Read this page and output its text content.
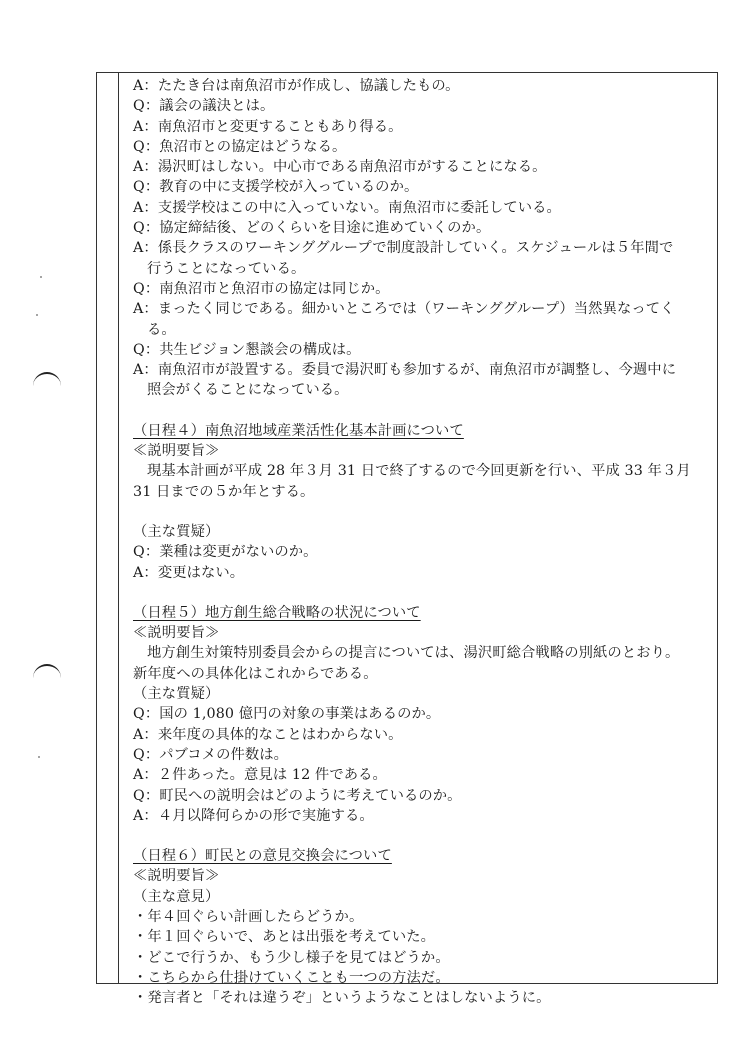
A：たたき台は南魚沼市が作成し、協議したもの。
Q：議会の議決とは。
A：南魚沼市と変更することもあり得る。
Q：魚沼市との協定はどうなる。
A：湯沢町はしない。中心市である南魚沼市がすることになる。
Q：教育の中に支援学校が入っているのか。
A：支援学校はこの中に入っていない。南魚沼市に委託している。
Q：協定締結後、どのくらいを目途に進めていくのか。
A：係長クラスのワーキンググループで制度設計していく。スケジュールは５年間で
行うことになっている。
Q：南魚沼市と魚沼市の協定は同じか。
A：まったく同じである。細かいところでは（ワーキンググループ）当然異なってく
る。
Q：共生ビジョン懇談会の構成は。
A：南魚沼市が設置する。委員で湯沢町も参加するが、南魚沼市が調整し、今週中に
照会がくることになっている。
（日程４）南魚沼地域産業活性化基本計画について
≪説明要旨≫
現基本計画が平成 28 年３月 31 日で終了するので今回更新を行い、平成 33 年３月
31 日までの５か年とする。
（主な質疑）
Q：業種は変更がないのか。
A：変更はない。
（日程５）地方創生総合戦略の状況について
≪説明要旨≫
地方創生対策特別委員会からの提言については、湯沢町総合戦略の別紙のとおり。
新年度への具体化はこれからである。
（主な質疑）
Q：国の 1,080 億円の対象の事業はあるのか。
A：来年度の具体的なことはわからない。
Q：パブコメの件数は。
A：２件あった。意見は 12 件である。
Q：町民への説明会はどのように考えているのか。
A：４月以降何らかの形で実施する。
（日程６）町民との意見交換会について
≪説明要旨≫
（主な意見）
・年４回ぐらい計画したらどうか。
・年１回ぐらいで、あとは出張を考えていた。
・どこで行うか、もう少し様子を見てはどうか。
・こちらから仕掛けていくことも一つの方法だ。
・発言者と「それは違うぞ」というようなことはしないように。
